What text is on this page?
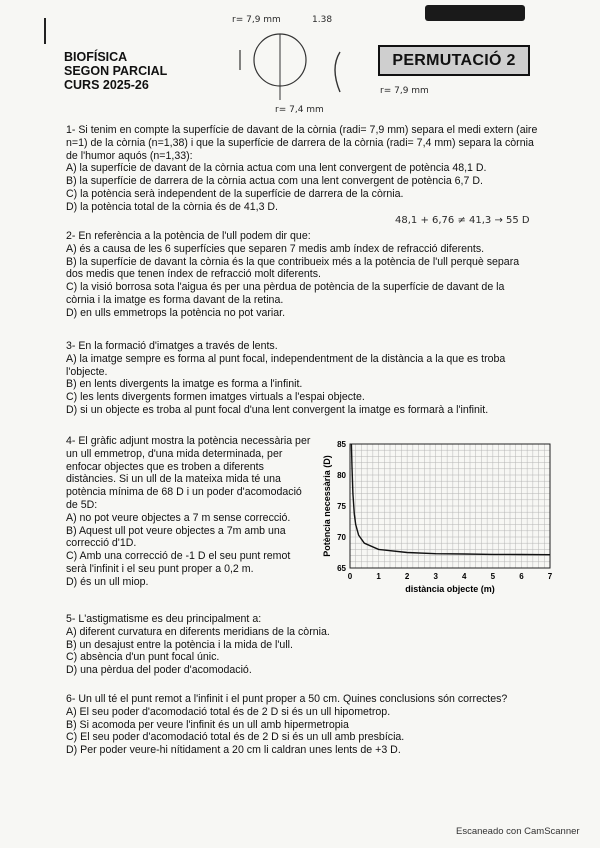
BIOFÍSICA
SEGON PARCIAL
CURS 2025-26
PERMUTACIÓ 2
r= 7,9 mm	1.38
r= 7,4 mm
r= 7,9 mm
48,1 + 6,76 ≠ 41,3 → 55 D
1- Si tenim en compte la superfície de davant de la còrnia (radi= 7,9 mm) separa el medi extern (aire n=1) de la còrnia (n=1,38) i que la superfície de darrera de la còrnia (radi= 7,4 mm) separa la còrnia de l'humor aquós (n=1,33):
A) la superfície de davant de la còrnia actua com una lent convergent de potència 48,1 D.
B) la superfície de darrera de la còrnia actua com una lent convergent de potència 6,7 D.
C) la potència serà independent de la superfície de darrera de la còrnia.
D) la potència total de la còrnia és de 41,3 D.
2- En referència a la potència de l'ull podem dir que:
A) és a causa de les 6 superfícies que separen 7 medis amb índex de refracció diferents.
B) la superfície de davant la còrnia és la que contribueix més a la potència de l'ull perquè separa dos medis que tenen índex de refracció molt diferents.
C) la visió borrosa sota l'aigua és per una pèrdua de potència de la superfície de davant de la còrnia i la imatge es forma davant de la retina.
D) en ulls emmetrops la potència no pot variar.
3- En la formació d'imatges a través de lents.
A) la imatge sempre es forma al punt focal, independentment de la distància a la que es troba l'objecte.
B) en lents divergents la imatge es forma a l'infinit.
C) les lents divergents formen imatges virtuals a l'espai objecte.
D) si un objecte es troba al punt focal d'una lent convergent la imatge es formarà a l'infinit.
4- El gràfic adjunt mostra la potència necessària per un ull emmetrop, d'una mida determinada, per enfocar objectes que es troben a diferents distàncies. Si un ull de la mateixa mida té una potència mínima de 68 D i un poder d'acomodació de 5D:
A) no pot veure objectes a 7 m sense correcció.
B) Aquest ull pot veure objectes a 7m amb una correcció d'1D.
C) Amb una correcció de -1 D el seu punt remot serà l'infinit i el seu punt proper a 0,2 m.
D) és un ull miop.	0	1	2	3	4	5	6	7
65
70
75
80
85
distància objecte (m)
Potència necessària (D)
5- L'astigmatisme es deu principalment a:
A) diferent curvatura en diferents meridians de la còrnia.
B) un desajust entre la potència i la mida de l'ull.
C) absència d'un punt focal únic.
D) una pèrdua del poder d'acomodació.
6- Un ull té el punt remot a l'infinit i el punt proper a 50 cm. Quines conclusions són correctes?
A) El seu poder d'acomodació total és de 2 D si és un ull hipometrop.
B) Si acomoda per veure l'infinit és un ull amb hipermetropia
C) El seu poder d'acomodació total és de 2 D si és un ull amb presbícia.
D) Per poder veure-hi nítidament a 20 cm li caldran unes lents de +3 D.
Escaneado con CamScanner
